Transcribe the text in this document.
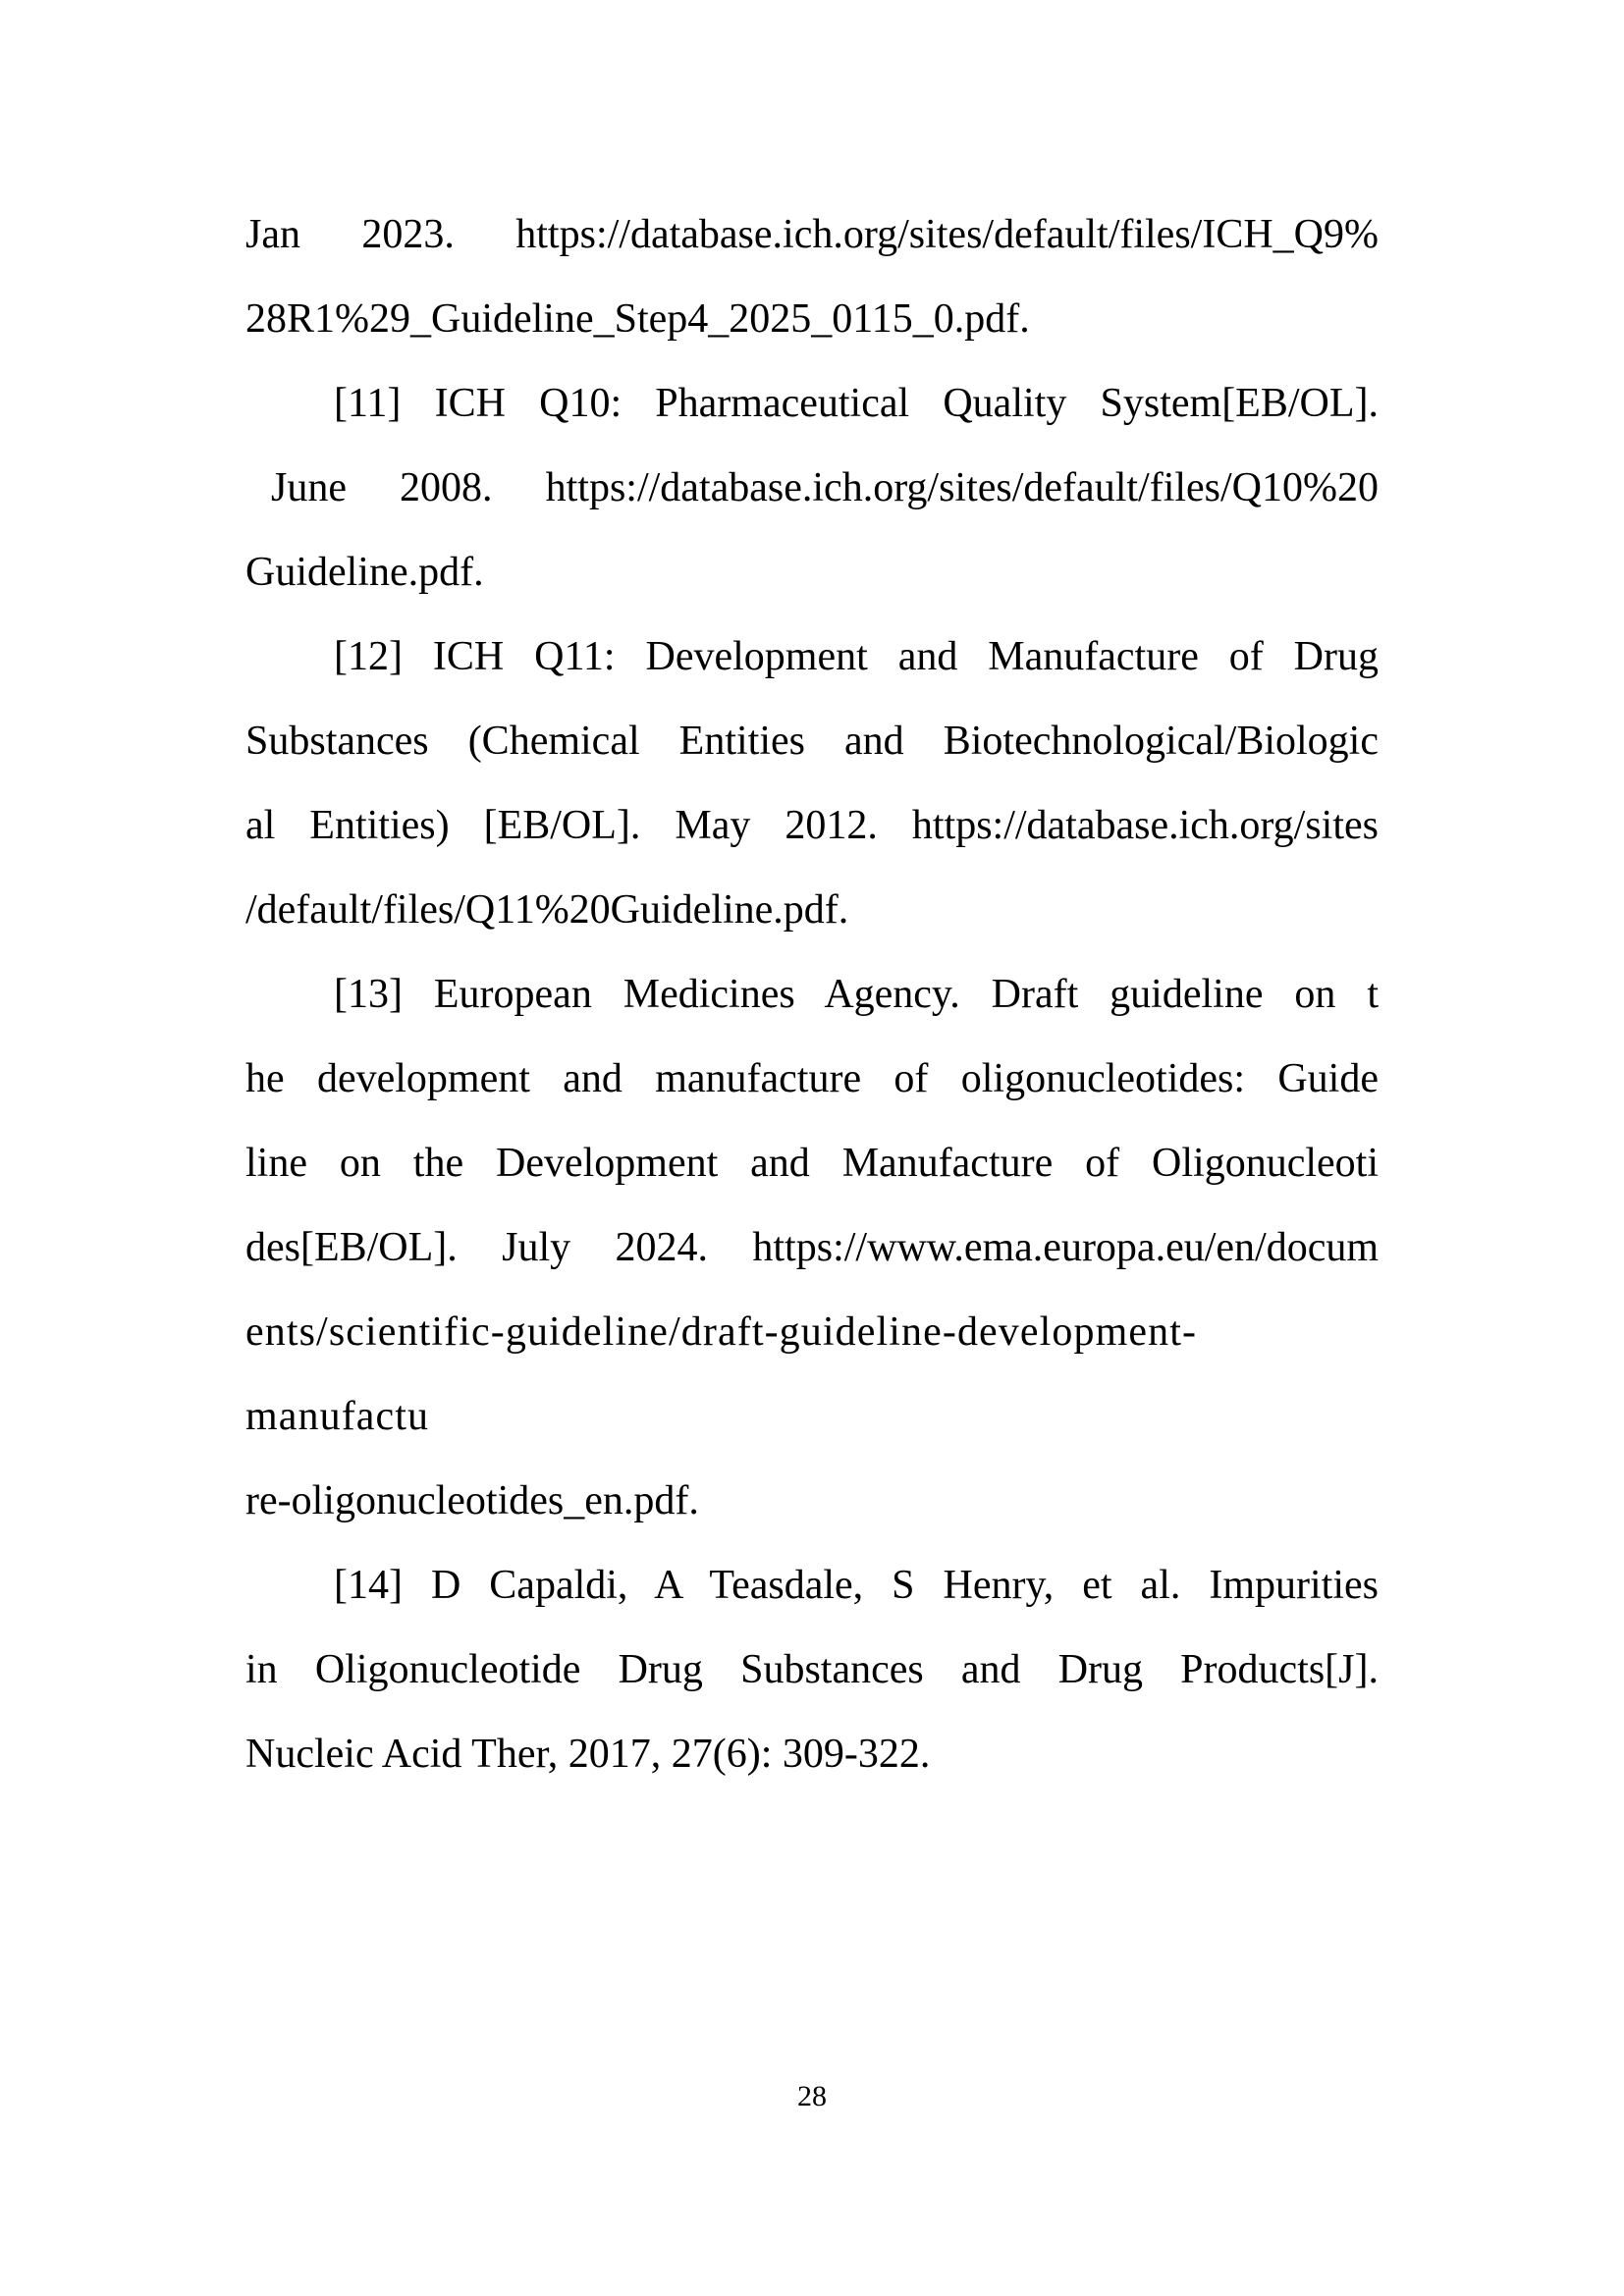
Jan 2023. https://database.ich.org/sites/default/files/ICH_Q9%
28R1%29_Guideline_Step4_2025_0115_0.pdf.
[11] ICH Q10: Pharmaceutical Quality System[EB/OL].
June 2008. https://database.ich.org/sites/default/files/Q10%20
Guideline.pdf.
[12] ICH Q11: Development and Manufacture of Drug
Substances (Chemical Entities and Biotechnological/Biologic
al Entities) [EB/OL]. May 2012. https://database.ich.org/sites
/default/files/Q11%20Guideline.pdf.
[13] European Medicines Agency. Draft guideline on t
he development and manufacture of oligonucleotides: Guide
line on the Development and Manufacture of Oligonucleoti
des[EB/OL]. July 2024. https://www.ema.europa.eu/en/docum
ents/scientific-guideline/draft-guideline-development-manufactu
re-oligonucleotides_en.pdf.
[14] D Capaldi, A Teasdale, S Henry, et al. Impurities
in Oligonucleotide Drug Substances and Drug Products[J].
Nucleic Acid Ther, 2017, 27(6): 309-322.
28
